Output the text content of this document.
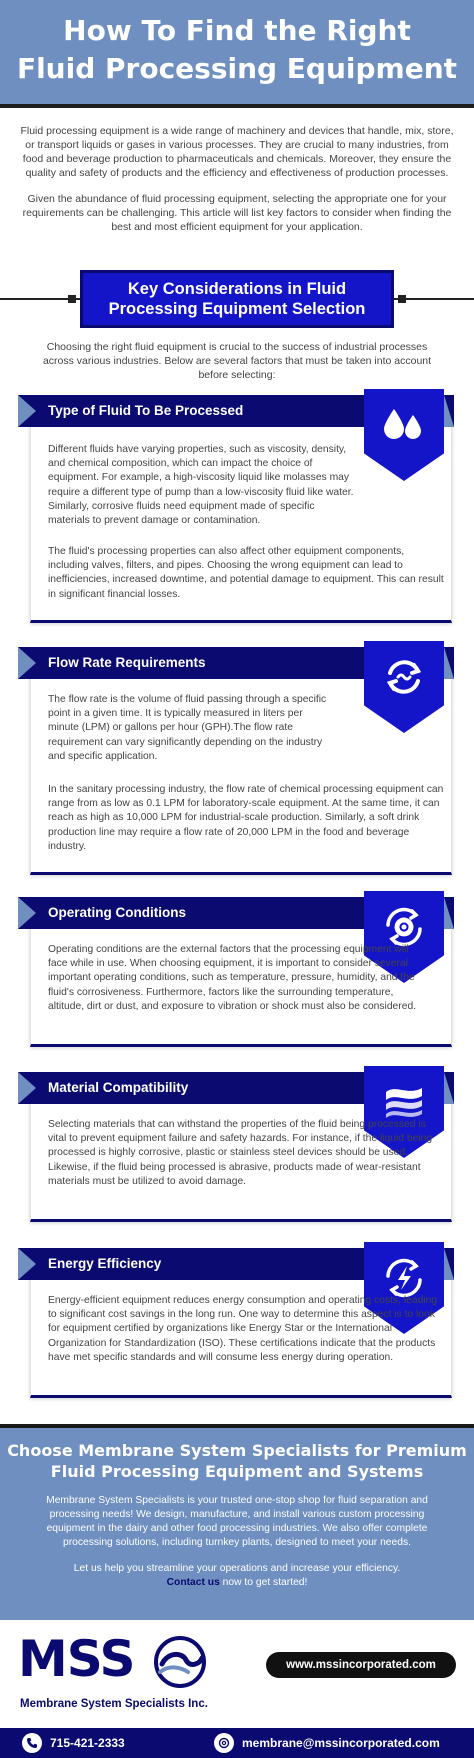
How To Find the Right
Fluid Processing Equipment

Fluid processing equipment is a wide range of machinery and devices that handle, mix, store, or transport liquids or gases in various processes. They are crucial to many industries, from food and beverage production to pharmaceuticals and chemicals. Moreover, they ensure the quality and safety of products and the efficiency and effectiveness of production processes.

Given the abundance of fluid processing equipment, selecting the appropriate one for your requirements can be challenging. This article will list key factors to consider when finding the best and most efficient equipment for your application.

Key Considerations in Fluid
Processing Equipment Selection
Choosing the right fluid equipment is crucial to the success of industrial processes across various industries. Below are several factors that must be taken into account before selecting:
Type of Fluid To Be Processed

Different fluids have varying properties, such as viscosity, density, and chemical composition, which can impact the choice of equipment. For example, a high-viscosity liquid like molasses may require a different type of pump than a low-viscosity fluid like water. Similarly, corrosive fluids need equipment made of specific materials to prevent damage or contamination.

The fluid's processing properties can also affect other equipment components, including valves, filters, and pipes. Choosing the wrong equipment can lead to inefficiencies, increased downtime, and potential damage to equipment. This can result in significant financial losses.

Flow Rate Requirements

The flow rate is the volume of fluid passing through a specific point in a given time. It is typically measured in liters per minute (LPM) or gallons per hour (GPH).The flow rate requirement can vary significantly depending on the industry and specific application.

In the sanitary processing industry, the flow rate of chemical processing equipment can range from as low as 0.1 LPM for laboratory-scale equipment. At the same time, it can reach as high as 10,000 LPM for industrial-scale production. Similarly, a soft drink production line may require a flow rate of 20,000 LPM in the food and beverage industry.

Operating Conditions

Operating conditions are the external factors that the processing equipment will face while in use. When choosing equipment, it is important to consider several important operating conditions, such as temperature, pressure, humidity, and the fluid's corrosiveness. Furthermore, factors like the surrounding temperature, altitude, dirt or dust, and exposure to vibration or shock must also be considered.

Material Compatibility

Selecting materials that can withstand the properties of the fluid being processed is vital to prevent equipment failure and safety hazards. For instance, if the liquid being processed is highly corrosive, plastic or stainless steel devices should be used. Likewise, if the fluid being processed is abrasive, products made of wear-resistant materials must be utilized to avoid damage.

Energy Efficiency

Energy-efficient equipment reduces energy consumption and operating costs, leading to significant cost savings in the long run. One way to determine this aspect is to look for equipment certified by organizations like Energy Star or the International Organization for Standardization (ISO). These certifications indicate that the products have met specific standards and will consume less energy during operation.

Choose Membrane System Specialists for Premium
Fluid Processing Equipment and Systems

Membrane System Specialists is your trusted one-stop shop for fluid separation and processing needs! We design, manufacture, and install various custom processing equipment in the dairy and other food processing industries. We also offer complete processing solutions, including turnkey plants, designed to meet your needs.

Let us help you streamline your operations and increase your efficiency.
Contact us now to get started!

MSS
Membrane System Specialists Inc.
www.mssincorporated.com
715-421-2333	membrane@mssincorporated.com
